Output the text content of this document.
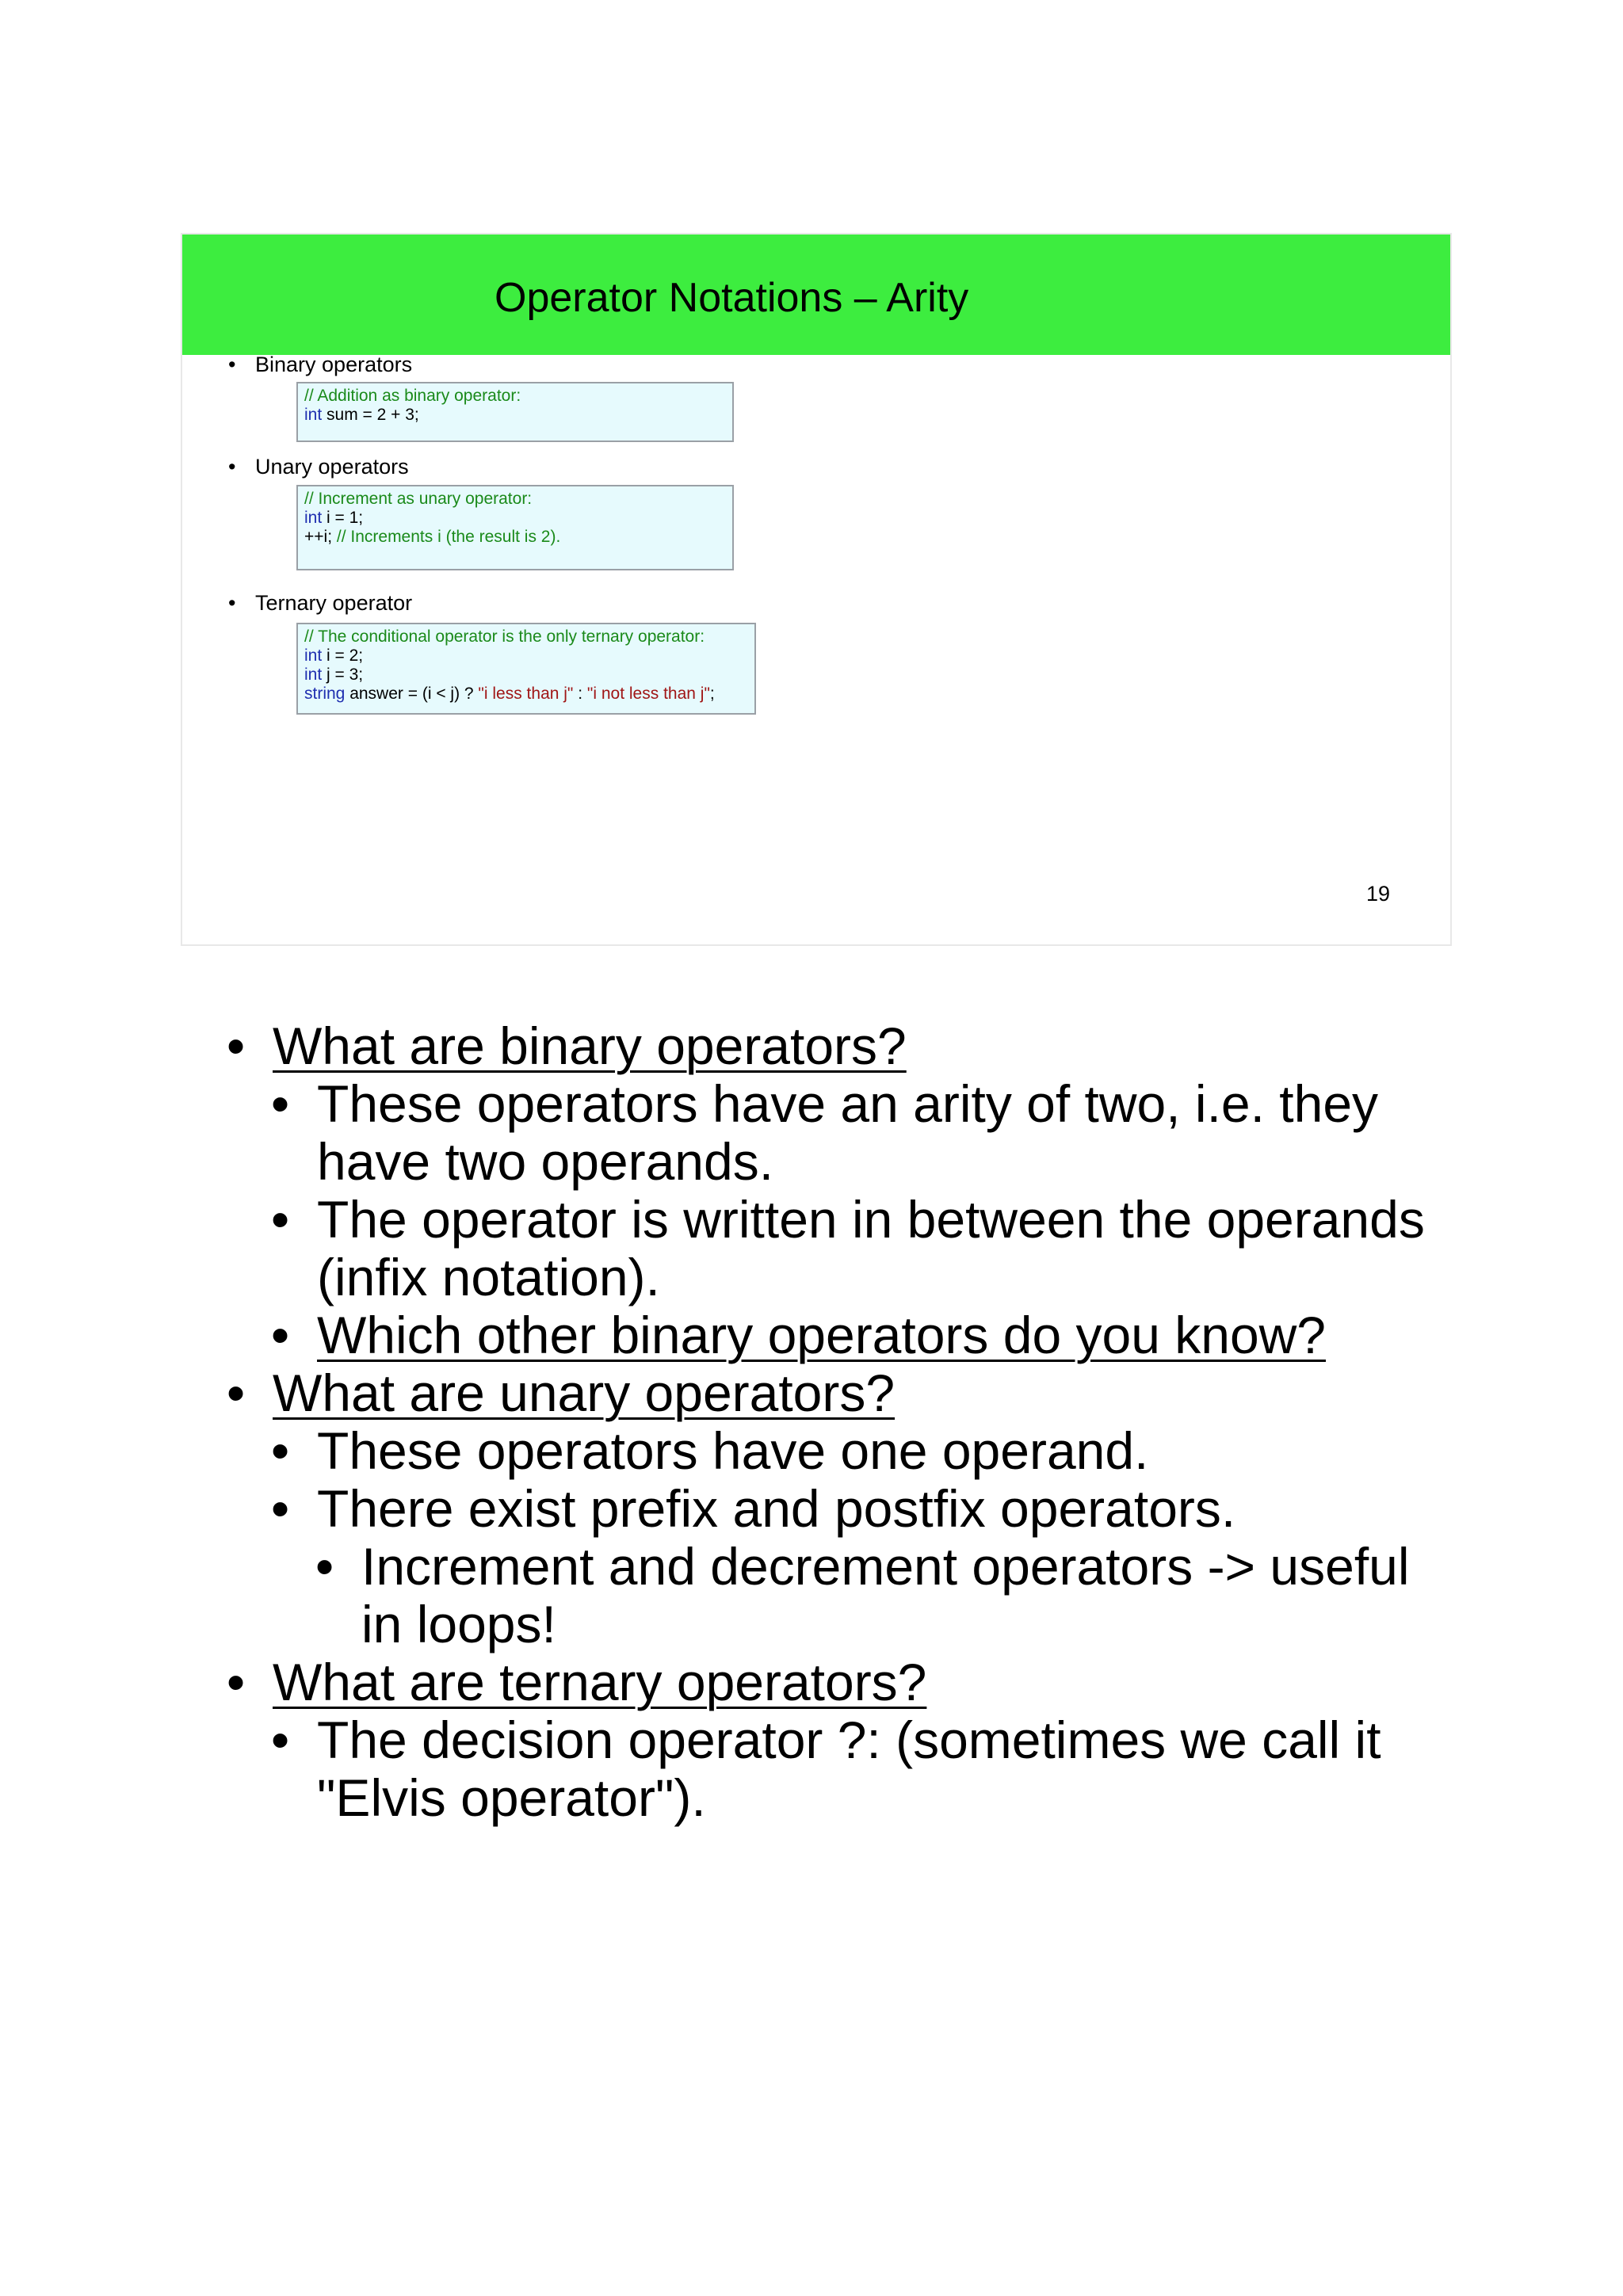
Operator Notations – Arity
• Binary operators
// Addition as binary operator:
int sum = 2 + 3;
• Unary operators
// Increment as unary operator:
int i = 1;
++i; // Increments i (the result is 2).
• Ternary operator
// The conditional operator is the only ternary operator:
int i = 2;
int j = 3;
string answer = (i < j) ? "i less than j" : "i not less than j";
19
• What are binary operators?
• These operators have an arity of two, i.e. they
have two operands.
• The operator is written in between the operands
(infix notation).
• Which other binary operators do you know?
• What are unary operators?
• These operators have one operand.
• There exist prefix and postfix operators.
• Increment and decrement operators -> useful
in loops!
• What are ternary operators?
• The decision operator ?: (sometimes we call it
"Elvis operator").
